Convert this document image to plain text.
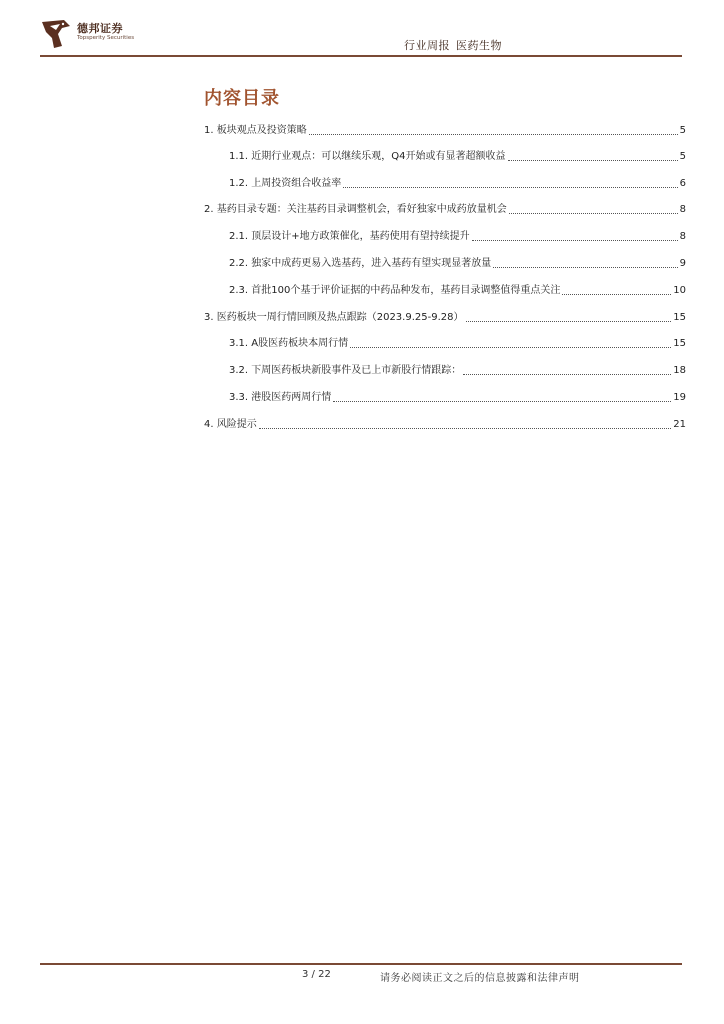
德邦证券
Topsperity Securities
行业周报 医药生物
内容目录
1. 板块观点及投资策略	5
1.1. 近期行业观点：可以继续乐观，Q4开始或有显著超额收益	5
1.2. 上周投资组合收益率	6
2. 基药目录专题：关注基药目录调整机会，看好独家中成药放量机会	8
2.1. 顶层设计+地方政策催化，基药使用有望持续提升	8
2.2. 独家中成药更易入选基药，进入基药有望实现显著放量	9
2.3. 首批100个基于评价证据的中药品种发布，基药目录调整值得重点关注	10
3. 医药板块一周行情回顾及热点跟踪（2023.9.25-9.28）	15
3.1. A股医药板块本周行情	15
3.2. 下周医药板块新股事件及已上市新股行情跟踪：	18
3.3. 港股医药两周行情	19
4. 风险提示	21
3 / 22	请务必阅读正文之后的信息披露和法律声明
